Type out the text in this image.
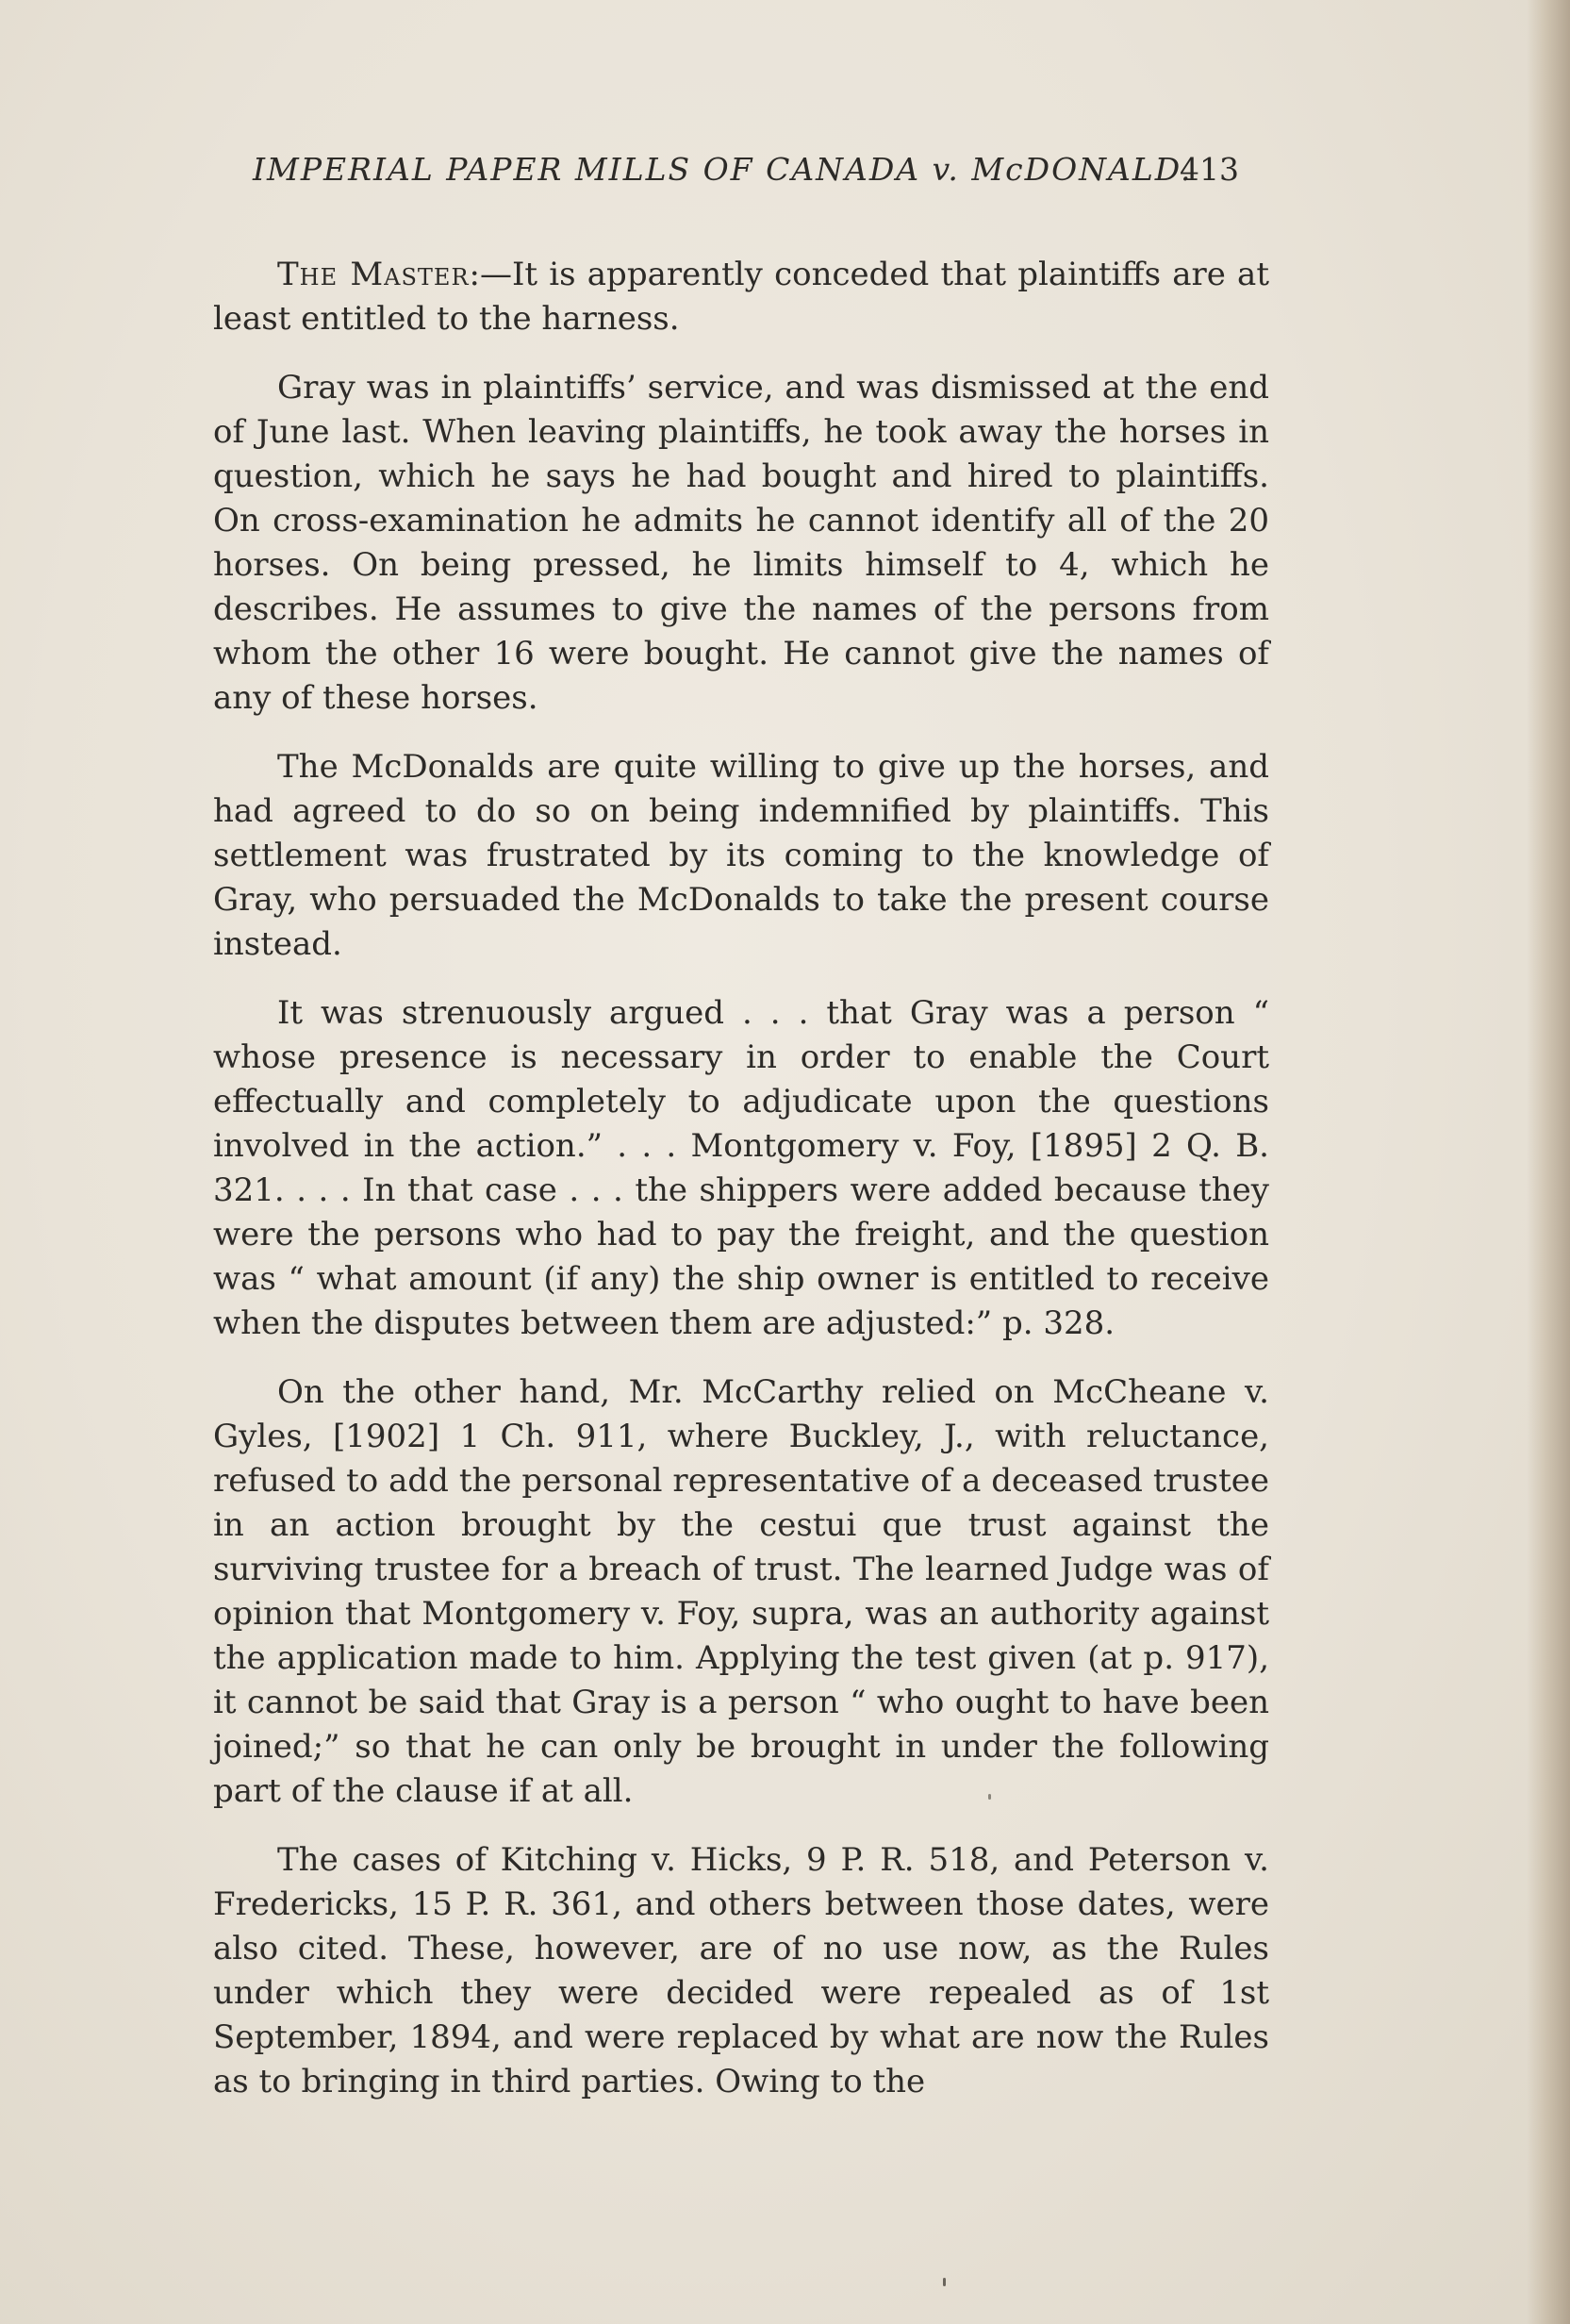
IMPERIAL PAPER MILLS OF CANADA v. McDONALD.
413

The Master:—It is apparently conceded that plaintiffs are at least entitled to the harness.

Gray was in plaintiffs’ service, and was dismissed at the end of June last. When leaving plaintiffs, he took away the horses in question, which he says he had bought and hired to plaintiffs. On cross-examination he admits he cannot identify all of the 20 horses. On being pressed, he limits himself to 4, which he describes. He assumes to give the names of the persons from whom the other 16 were bought. He cannot give the names of any of these horses.

The McDonalds are quite willing to give up the horses, and had agreed to do so on being indemnified by plaintiffs. This settlement was frustrated by its coming to the knowledge of Gray, who persuaded the McDonalds to take the present course instead.

It was strenuously argued . . . that Gray was a person “ whose presence is necessary in order to enable the Court effectually and completely to adjudicate upon the questions involved in the action.” . . . Montgomery v. Foy, [1895] 2 Q. B. 321. . . . In that case . . . the shippers were added because they were the persons who had to pay the freight, and the question was “ what amount (if any) the ship owner is entitled to receive when the disputes between them are adjusted:” p. 328.

On the other hand, Mr. McCarthy relied on McCheane v. Gyles, [1902] 1 Ch. 911, where Buckley, J., with reluctance, refused to add the personal representative of a deceased trustee in an action brought by the cestui que trust against the surviving trustee for a breach of trust. The learned Judge was of opinion that Montgomery v. Foy, supra, was an authority against the application made to him. Applying the test given (at p. 917), it cannot be said that Gray is a person “ who ought to have been joined;” so that he can only be brought in under the following part of the clause if at all.

The cases of Kitching v. Hicks, 9 P. R. 518, and Peterson v. Fredericks, 15 P. R. 361, and others between those dates, were also cited. These, however, are of no use now, as the Rules under which they were decided were repealed as of 1st September, 1894, and were replaced by what are now the Rules as to bringing in third parties. Owing to the
